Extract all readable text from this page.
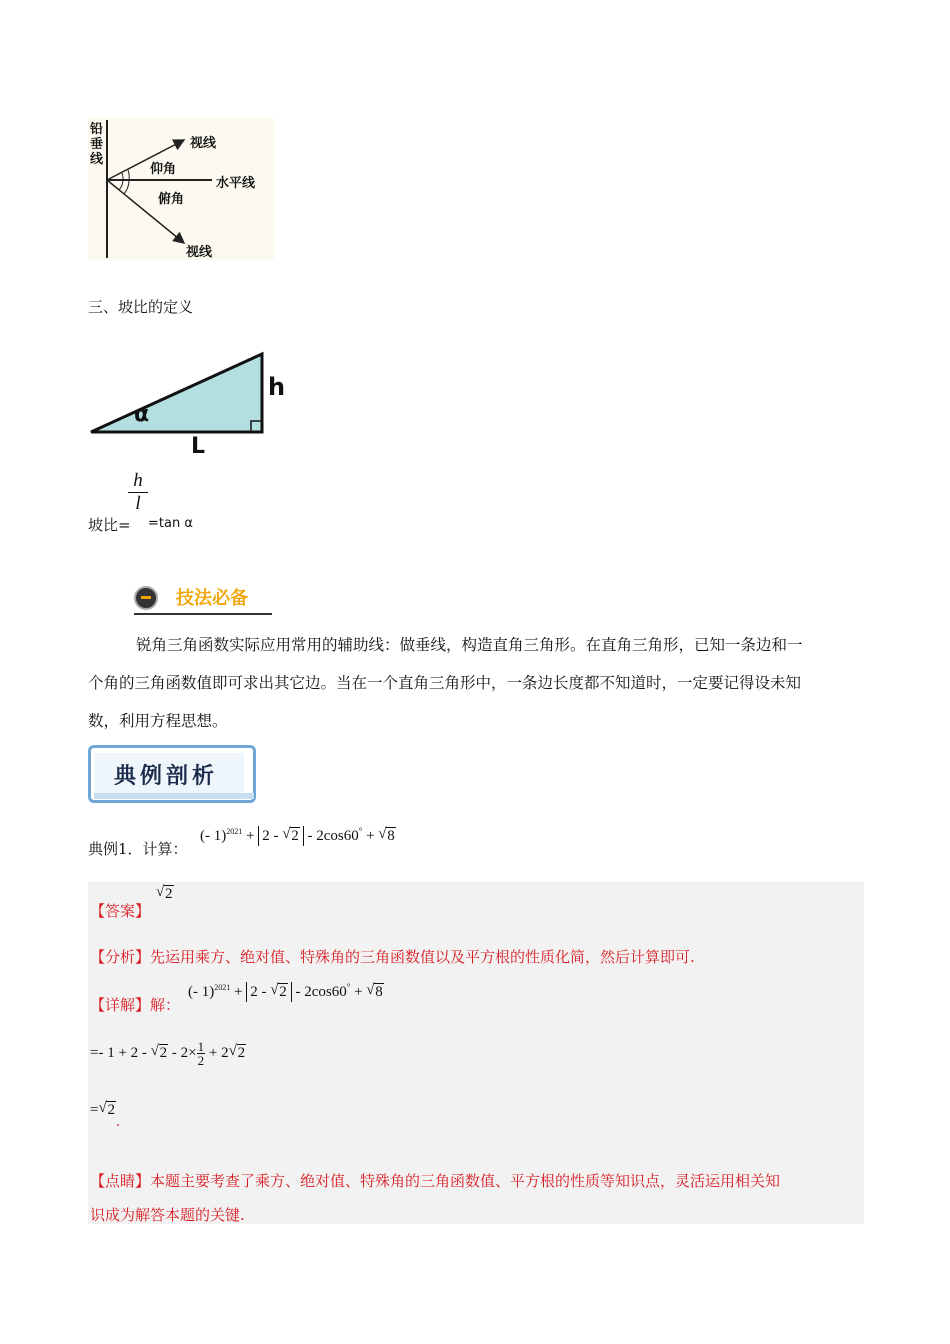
铅垂线
视线
仰角
水平线
俯角
视线
三、坡比的定义
α
h
L
$\frac{h}{l}$
坡比= =tan α
技法必备
锐角三角函数实际应用常用的辅助线：做垂线，构造直角三角形。在直角三角形，已知一条边和一
个角的三角函数值即可求出其它边。当在一个直角三角形中，一条边长度都不知道时，一定要记得设未知
数，利用方程思想。
典例剖析
典例1．计算：
(- 1)$^{2021}$ + 2 - √ 2 - 2cos60° + √ 8
【答案】
√ 2
【分析】先运用乘方、绝对值、特殊角的三角函数值以及平方根的性质化简，然后计算即可.
【详解】解：
(- 1)$^{2021}$ + 2 - √ 2 - 2cos60° + √ 8
=- 1 + 2 - √ $2 - 2\times \frac{1}{2} + 2$ √ 2
= √ 2.
【点睛】本题主要考查了乘方、绝对值、特殊角的三角函数值、平方根的性质等知识点，灵活运用相关知
识成为解答本题的关键.
